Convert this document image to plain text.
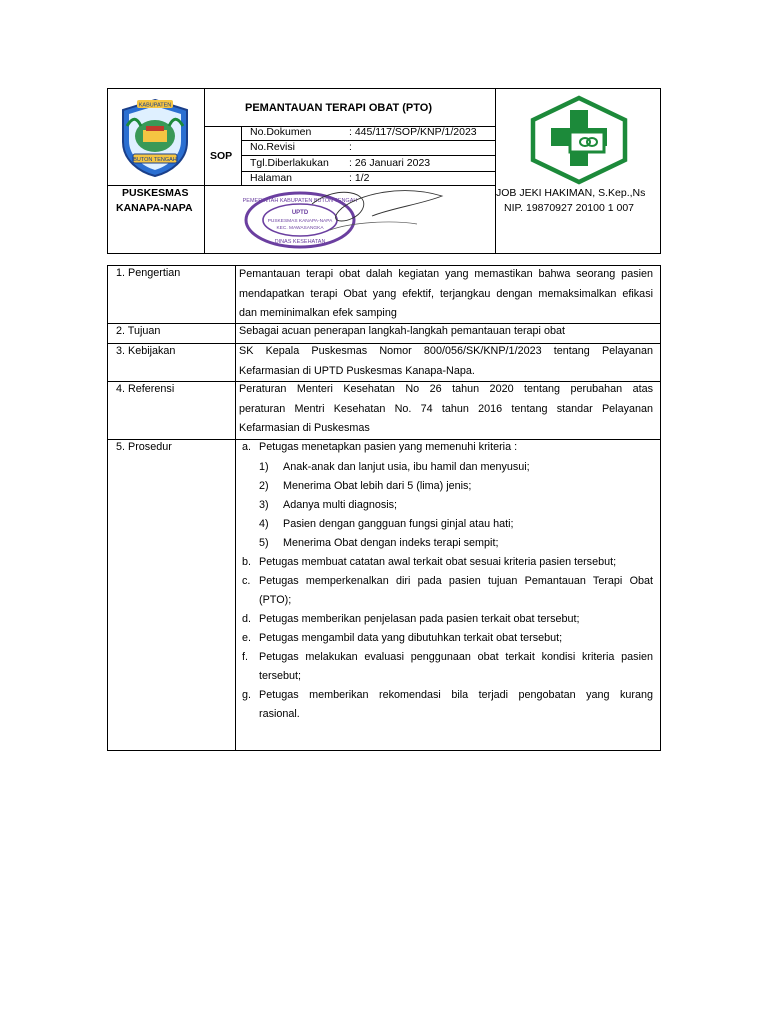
PEMANTAUAN TERAPI OBAT (PTO)
SOP
No.Dokumen	: 445/117/SOP/KNP/1/2023
No.Revisi	:
Tgl.Diberlakukan : 26 Januari 2023
Halaman	: 1/2
PUSKESMAS
KANAPA-NAPA
JOB JEKI HAKIMAN, S.Kep.,Ns
NIP. 19870927 20100 1 007
BUTON TENGAH
KABUPATEN
PEMERINTAH KABUPATEN BUTON TENGAH
UPTD
PUSKESMAS KANAPA-NAPA
KEC. MAWASANGKA
DINAS KESEHATAN
1. Pengertian	Pemantauan terapi obat dalah kegiatan yang memastikan bahwa seorang pasien
mendapatkan terapi Obat yang efektif, terjangkau dengan memaksimalkan efikasi
dan meminimalkan efek samping
2. Tujuan	Sebagai acuan penerapan langkah-langkah pemantauan terapi obat
3. Kebijakan	SK Kepala Puskesmas Nomor 800/056/SK/KNP/1/2023 tentang Pelayanan
Kefarmasian di UPTD Puskesmas Kanapa-Napa.
4. Referensi	Peraturan Menteri Kesehatan No 26 tahun 2020 tentang perubahan atas
peraturan Mentri Kesehatan No. 74 tahun 2016 tentang standar Pelayanan
Kefarmasian di Puskesmas
5. Prosedur	a. Petugas menetapkan pasien yang memenuhi kriteria :
1) Anak-anak dan lanjut usia, ibu hamil dan menyusui;
2) Menerima Obat lebih dari 5 (lima) jenis;
3) Adanya multi diagnosis;
4) Pasien dengan gangguan fungsi ginjal atau hati;
5) Menerima Obat dengan indeks terapi sempit;
b. Petugas membuat catatan awal terkait obat sesuai kriteria pasien tersebut;
c. Petugas memperkenalkan diri pada pasien tujuan Pemantauan Terapi Obat
(PTO);
d. Petugas memberikan penjelasan pada pasien terkait obat tersebut;
e. Petugas mengambil data yang dibutuhkan terkait obat tersebut;
f. Petugas melakukan evaluasi penggunaan obat terkait kondisi kriteria pasien
tersebut;
g. Petugas memberikan rekomendasi bila terjadi pengobatan yang kurang
rasional.
